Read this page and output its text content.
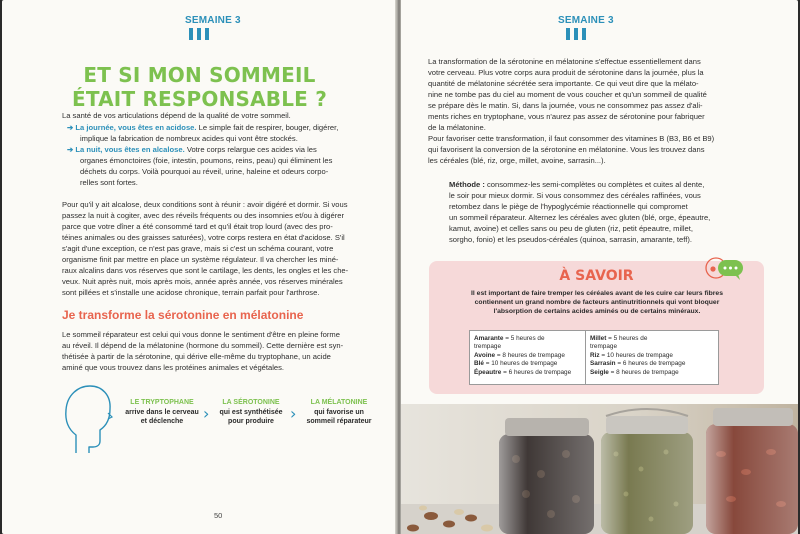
SEMAINE 3
ET SI MON SOMMEIL
ÉTAIT RESPONSABLE ?
La santé de vos articulations dépend de la qualité de votre sommeil.
➔ La journée, vous êtes en acidose. Le simple fait de respirer, bouger, digérer,
implique la fabrication de nombreux acides qui vont être stockés.
➔ La nuit, vous êtes en alcalose. Votre corps relargue ces acides via les
organes émonctoires (foie, intestin, poumons, reins, peau) qui éliminent les
déchets du corps. Voilà pourquoi au réveil, urine, haleine et odeurs corpo-
relles sont fortes.
Pour qu'il y ait alcalose, deux conditions sont à réunir : avoir digéré et dormir. Si vous
passez la nuit à cogiter, avec des réveils fréquents ou des insomnies et/ou à digérer
parce que votre dîner a été consommé tard et qu'il était trop lourd (avec des pro-
téines animales ou des graisses saturées), votre corps restera en état d'acidose. S'il
s'agit d'une exception, ce n'est pas grave, mais si c'est un schéma courant, votre
organisme finit par mettre en place un système régulateur. Il va chercher les miné-
raux alcalins dans vos réserves que sont le cartilage, les dents, les ongles et les che-
veux. Nuit après nuit, mois après mois, année après année, vos réserves minérales
sont pillées et s'installe une acidose chronique, terrain parfait pour l'arthrose.
Je transforme la sérotonine en mélatonine
Le sommeil réparateur est celui qui vous donne le sentiment d'être en pleine forme
au réveil. Il dépend de la mélatonine (hormone du sommeil). Cette dernière est syn-
thétisée à partir de la sérotonine, qui dérive elle-même du tryptophane, un acide
aminé que vous trouvez dans les protéines animales et végétales.
LE TRYPTOPHANE
arrive dans le cerveau
et déclenche	›
LA SÉROTONINE
qui est synthétisée
pour produire	›
LA MÉLATONINE
qui favorise un
sommeil réparateur
50
SEMAINE 3
La transformation de la sérotonine en mélatonine s'effectue essentiellement dans
votre cerveau. Plus votre corps aura produit de sérotonine dans la journée, plus la
quantité de mélatonine sécrétée sera importante. Ce qui veut dire que la mélato-
nine ne tombe pas du ciel au moment de vous coucher et qu'un sommeil de qualité
se prépare dès le matin. Si, dans la journée, vous ne consommez pas assez d'ali-
ments riches en tryptophane, vous n'aurez pas assez de sérotonine pour fabriquer
de la mélatonine.
Pour favoriser cette transformation, il faut consommer des vitamines B (B3, B6 et B9)
qui favorisent la conversion de la sérotonine en mélatonine. Vous les trouvez dans
les céréales (blé, riz, orge, millet, avoine, sarrasin...).
Méthode : consommez-les semi-complètes ou complètes et cuites al dente,
le soir pour mieux dormir. Si vous consommez des céréales raffinées, vous
retombez dans le piège de l'hypoglycémie réactionnelle qui compromet
un sommeil réparateur. Alternez les céréales avec gluten (blé, orge, épeautre,
kamut, avoine) et celles sans ou peu de gluten (riz, petit épeautre, millet,
sorgho, fonio) et les pseudos-céréales (quinoa, sarrasin, amarante, teff).
À SAVOIR
Il est important de faire tremper les céréales avant de les cuire car leurs fibres
contiennent un grand nombre de facteurs antinutritionnels qui vont bloquer
l'absorption de certains acides aminés ou de certains minéraux.
Amarante = 5 heures de
trempage
Avoine = 8 heures de trempage
Blé = 10 heures de trempage
Épeautre = 6 heures de trempage
Millet = 5 heures de
trempage
Riz = 10 heures de trempage
Sarrasin = 6 heures de trempage
Seigle = 8 heures de trempage
